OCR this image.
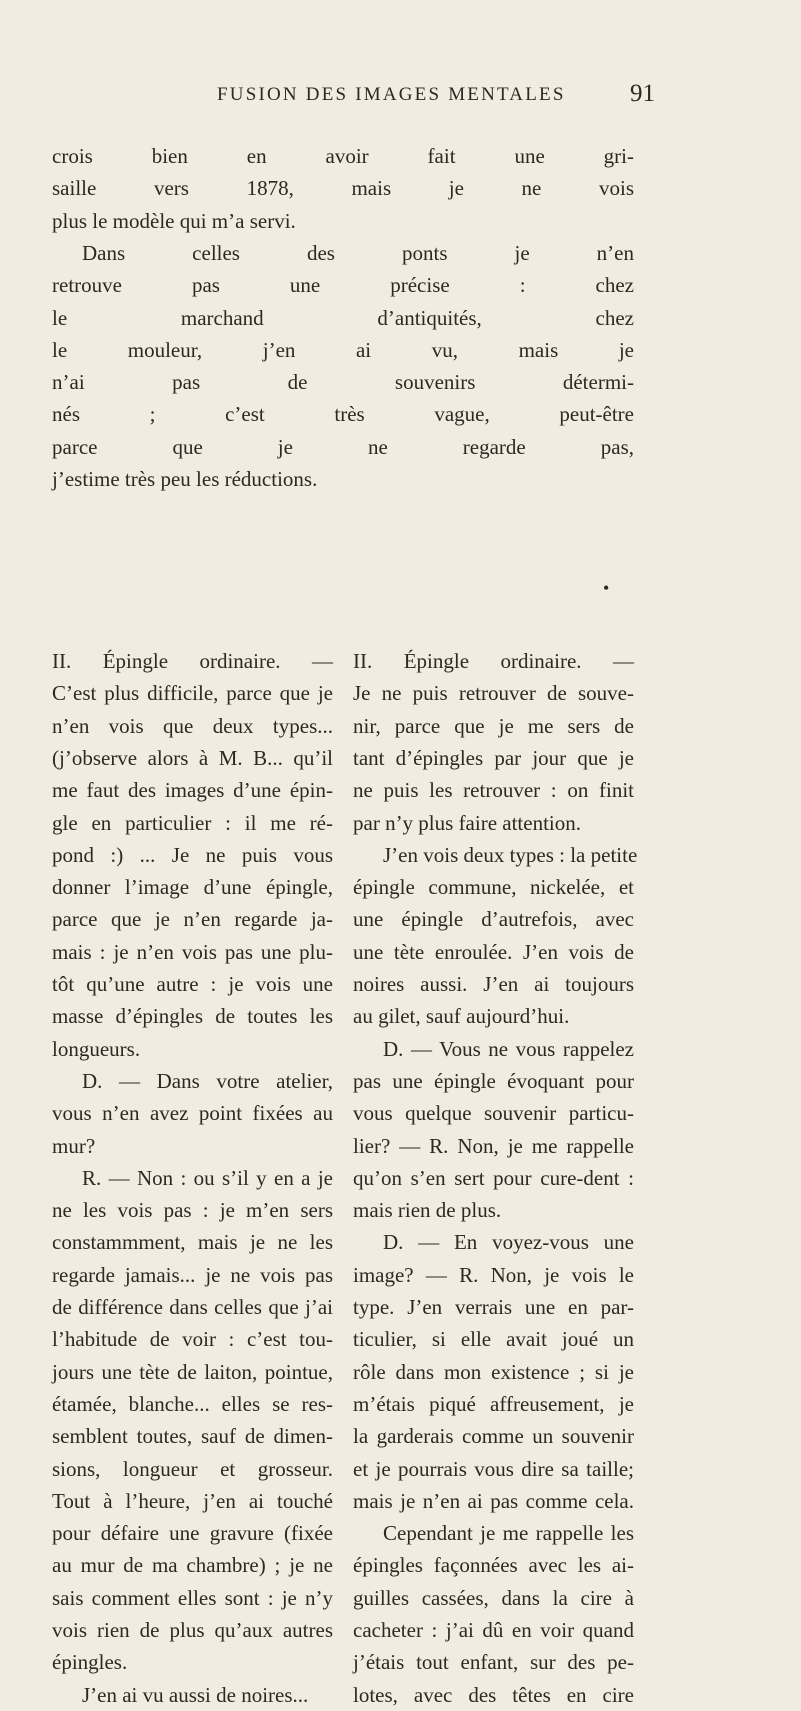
FUSION DES IMAGES MENTALES	91
crois bien en avoir fait une gri-
saille vers 1878, mais je ne vois
plus le modèle qui m’a servi.
Dans celles des ponts je n’en
retrouve pas une précise : chez
le marchand d’antiquités, chez
le mouleur, j’en ai vu, mais je
n’ai pas de souvenirs détermi-
nés ; c’est très vague, peut-être
parce que je ne regarde pas,
j’estime très peu les réductions.
•
II. Épingle ordinaire. —
C’est plus difficile, parce que je
n’en vois que deux types...
(j’observe alors à M. B... qu’il
me faut des images d’une épin-
gle en particulier : il me ré-
pond :) ... Je ne puis vous
donner l’image d’une épingle,
parce que je n’en regarde ja-
mais : je n’en vois pas une plu-
tôt qu’une autre : je vois une
masse d’épingles de toutes les
longueurs.
D. — Dans votre atelier,
vous n’en avez point fixées au
mur?
R. — Non : ou s’il y en a je
ne les vois pas : je m’en sers
constammment, mais je ne les
regarde jamais... je ne vois pas
de différence dans celles que j’ai
l’habitude de voir : c’est tou-
jours une tète de laiton, pointue,
étamée, blanche... elles se res-
semblent toutes, sauf de dimen-
sions, longueur et grosseur.
Tout à l’heure, j’en ai touché
pour défaire une gravure (fixée
au mur de ma chambre) ; je ne
sais comment elles sont : je n’y
vois rien de plus qu’aux autres
épingles.
J’en ai vu aussi de noires...
II. Épingle ordinaire. —
Je ne puis retrouver de souve-
nir, parce que je me sers de
tant d’épingles par jour que je
ne puis les retrouver : on finit
par n’y plus faire attention.
J’en vois deux types : la petite
épingle commune, nickelée, et
une épingle d’autrefois, avec
une tète enroulée. J’en vois de
noires aussi. J’en ai toujours
au gilet, sauf aujourd’hui.
D. — Vous ne vous rappelez
pas une épingle évoquant pour
vous quelque souvenir particu-
lier? — R. Non, je me rappelle
qu’on s’en sert pour cure-dent :
mais rien de plus.
D. — En voyez-vous une
image? — R. Non, je vois le
type. J’en verrais une en par-
ticulier, si elle avait joué un
rôle dans mon existence ; si je
m’étais piqué affreusement, je
la garderais comme un souvenir
et je pourrais vous dire sa taille;
mais je n’en ai pas comme cela.
Cependant je me rappelle les
épingles façonnées avec les ai-
guilles cassées, dans la cire à
cacheter : j’ai dû en voir quand
j’étais tout enfant, sur des pe-
lotes, avec des têtes en cire
